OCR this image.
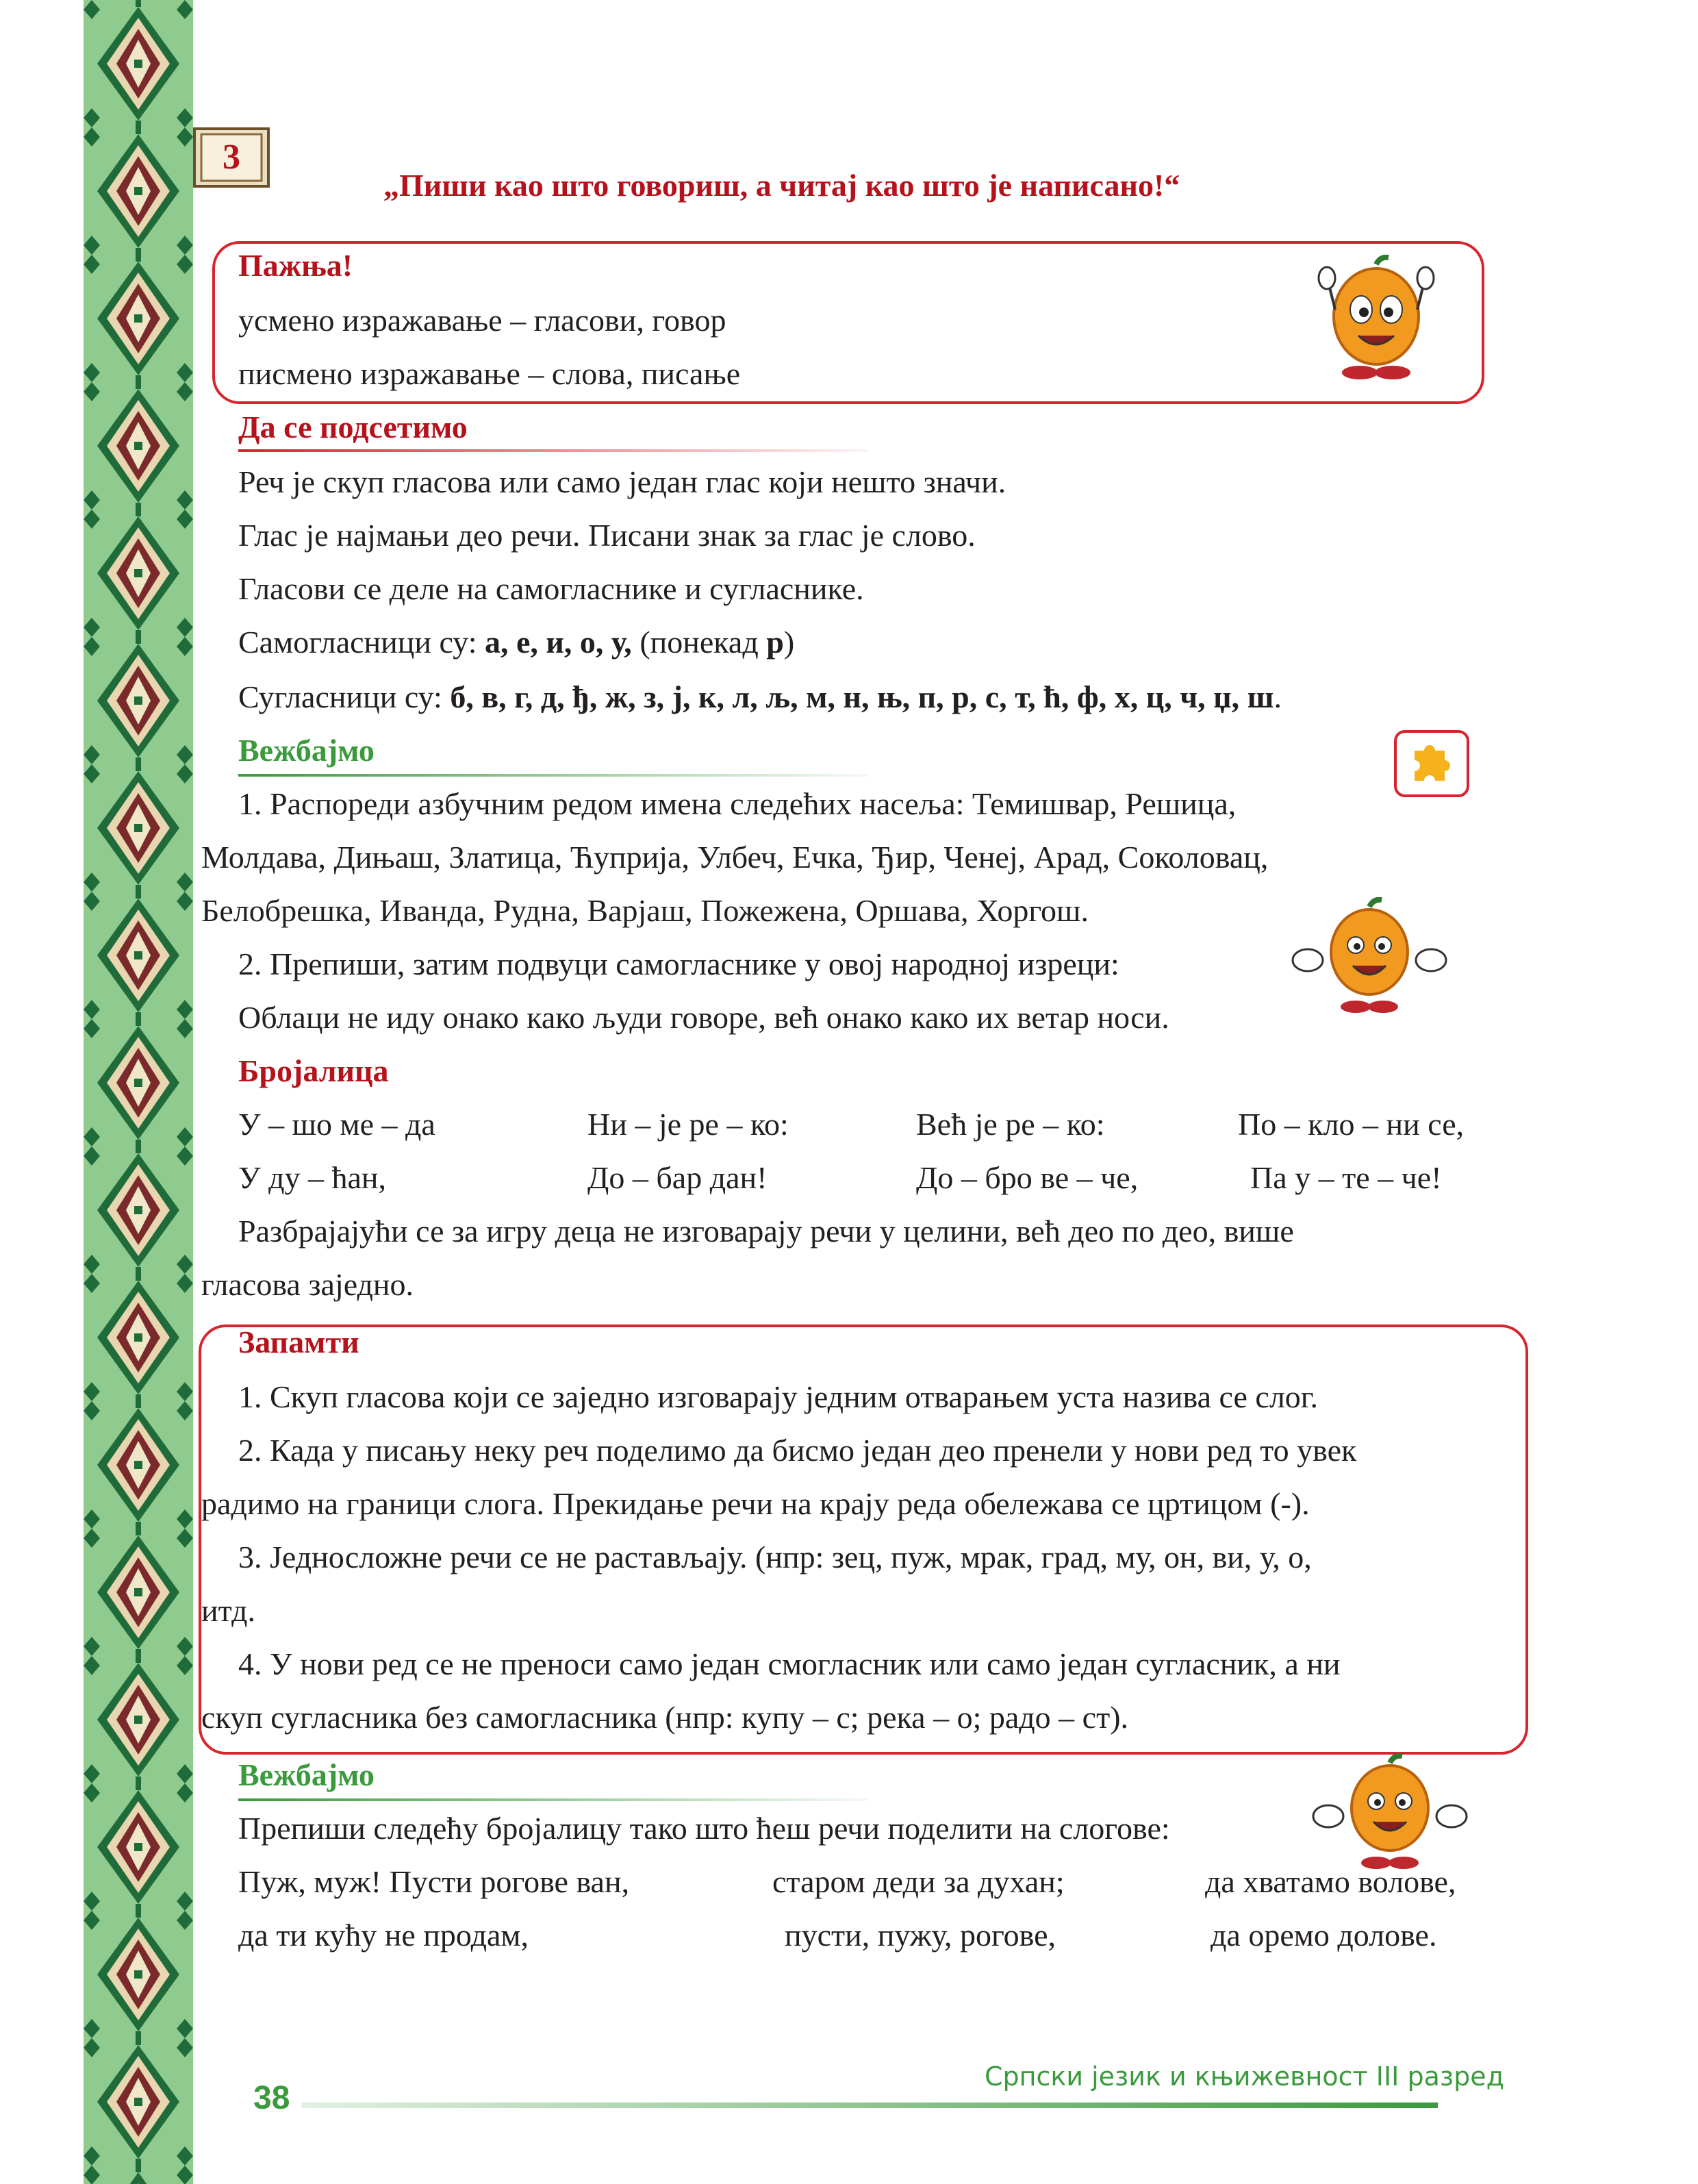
3
„Пиши као што говориш, а читај као што је написано!“
Пажња!
усмено изражавање – гласови, говор
писмено изражавање – слова, писање
Да се подсетимо
Реч је скуп гласова или само један глас који нешто значи.
Глас је најмањи део речи. Писани знак за глас је слово.
Гласови се деле на самогласнике и сугласнике.
Самогласници су: а, е, и, о, у, (понекад р)
Сугласници су: б, в, г, д, ђ, ж, з, ј, к, л, љ, м, н, њ, п, р, с, т, ћ, ф, х, ц, ч, џ, ш.
Вежбајмо
1. Распореди азбучним редом имена следећих насеља: Темишвар, Решица,
Молдава, Дињаш, Златица, Ћуприја, Улбеч, Ечка, Ђир, Ченеј, Арад, Соколовац,
Белобрешка, Иванда, Рудна, Варјаш, Пожежена, Оршава, Хоргош.
2. Препиши, затим подвуци самогласнике у овој народној изреци:
Облаци не иду онако како људи говоре, већ онако како их ветар носи.
Бројалица
У – шо ме – да	Ни – је ре – ко:	Већ је ре – ко:	По – кло – ни се,
У ду – ћан,	До – бар дан!	До – бро ве – че,	Па у – те – че!
Разбрајајући се за игру деца не изговарају речи у целини, већ део по део, више
гласова заједно.
Запамти
1. Скуп гласова који се заједно изговарају једним отварањем уста назива се слог.
2. Када у писању неку реч поделимо да бисмо један део пренели у нови ред то увек
радимо на граници слога. Прекидање речи на крају реда обележава се цртицом (-).
3. Једносложне речи се не растављају. (нпр: зец, пуж, мрак, град, му, он, ви, у, о,
итд.
4. У нови ред се не преноси само један смогласник или само један сугласник, а ни
скуп сугласника без самогласника (нпр: купу – с; река – о; радо – ст).
Вежбајмо
Препиши следећу бројалицу тако што ћеш речи поделити на слогове:
Пуж, муж! Пусти рогове ван,	старом деди за духан;	да хватамо волове,
да ти кућу не продам,	пусти, пужу, рогове,	да оремо долове.
38
Српски језик и књижевност III разред
